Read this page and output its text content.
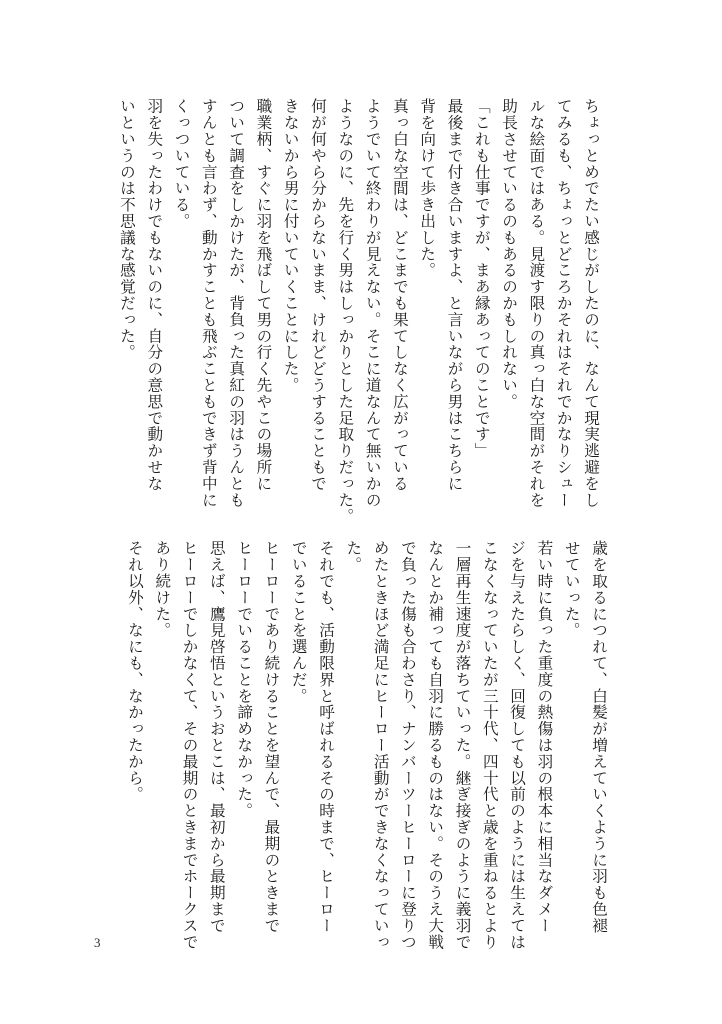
ちょっとめでたい感じがしたのに、なんて現実逃避をし
てみるも、ちょっとどころかそれはそれでかなりシュー
ルな絵面ではある。見渡す限りの真っ白な空間がそれを
助長させているのもあるのかもしれない。
「これも仕事ですが、まあ縁あってのことです」
最後まで付き合いますよ、と言いながら男はこちらに
背を向けて歩き出した。
真っ白な空間は、どこまでも果てしなく広がっている
ようでいて終わりが見えない。そこに道なんて無いかの
ようなのに、先を行く男はしっかりとした足取りだった。
何が何やら分からないまま、けれどどうすることもで
きないから男に付いていくことにした。
職業柄、すぐに羽を飛ばして男の行く先やこの場所に
ついて調査をしかけたが、背負った真紅の羽はうんとも
すんとも言わず、動かすことも飛ぶこともできず背中に
くっついている。
羽を失ったわけでもないのに、自分の意思で動かせな
いというのは不思議な感覚だった。
歳を取るにつれて、白髪が増えていくように羽も色褪
せていった。
若い時に負った重度の熱傷は羽の根本に相当なダメー
ジを与えたらしく、回復しても以前のようには生えては
こなくなっていたが三十代、四十代と歳を重ねるとより
一層再生速度が落ちていった。継ぎ接ぎのように義羽で
なんとか補っても自羽に勝るものはない。そのうえ大戦
で負った傷も合わさり、ナンバーツーヒーローに登りつ
めたときほど満足にヒーロー活動ができなくなっていっ
た。
それでも、活動限界と呼ばれるその時まで、ヒーロー
でいることを選んだ。
ヒーローであり続けることを望んで、最期のときまで
ヒーローでいることを諦めなかった。
思えば、鷹見啓悟というおとこは、最初から最期まで
ヒーローでしかなくて、その最期のときまでホークスで
あり続けた。
それ以外、なにも、なかったから。
3
